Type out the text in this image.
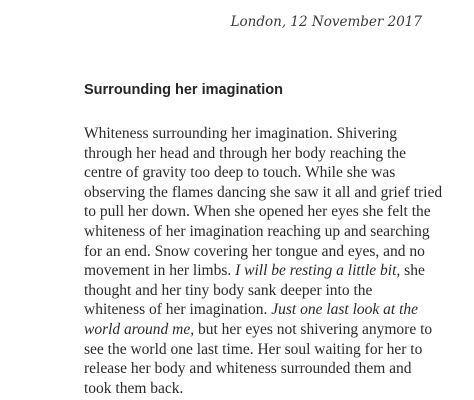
London, 12 November 2017
Surrounding her imagination

Whiteness surrounding her imagination. Shivering
through her head and through her body reaching the
centre of gravity too deep to touch. While she was
observing the flames dancing she saw it all and grief tried
to pull her down. When she opened her eyes she felt the
whiteness of her imagination reaching up and searching
for an end. Snow covering her tongue and eyes, and no
movement in her limbs. I will be resting a little bit, she
thought and her tiny body sank deeper into the
whiteness of her imagination. Just one last look at the
world around me, but her eyes not shivering anymore to
see the world one last time. Her soul waiting for her to
release her body and whiteness surrounded them and
took them back.
